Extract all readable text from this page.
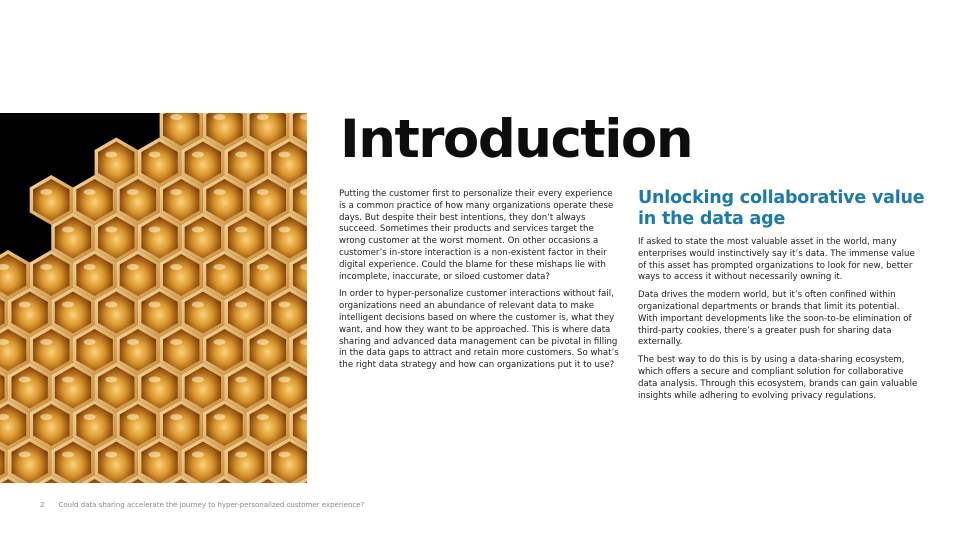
Introduction

Putting the customer first to personalize their every experience is a common practice of how many organizations operate these days. But despite their best intentions, they don’t always succeed. Sometimes their products and services target the wrong customer at the worst moment. On other occasions a customer’s in-store interaction is a non-existent factor in their digital experience. Could the blame for these mishaps lie with incomplete, inaccurate, or siloed customer data?

In order to hyper-personalize customer interactions without fail, organizations need an abundance of relevant data to make intelligent decisions based on where the customer is, what they want, and how they want to be approached. This is where data sharing and advanced data management can be pivotal in filling in the data gaps to attract and retain more customers. So what’s the right data strategy and how can organizations put it to use?

Unlocking collaborative value in the data age

If asked to state the most valuable asset in the world, many enterprises would instinctively say it’s data. The immense value of this asset has prompted organizations to look for new, better ways to access it without necessarily owning it.

Data drives the modern world, but it’s often confined within organizational departments or brands that limit its potential. With important developments like the soon-to-be elimination of third-party cookies, there’s a greater push for sharing data externally.

The best way to do this is by using a data-sharing ecosystem, which offers a secure and compliant solution for collaborative data analysis. Through this ecosystem, brands can gain valuable insights while adhering to evolving privacy regulations.

2 Could data sharing accelerate the journey to hyper-personalized customer experience?
